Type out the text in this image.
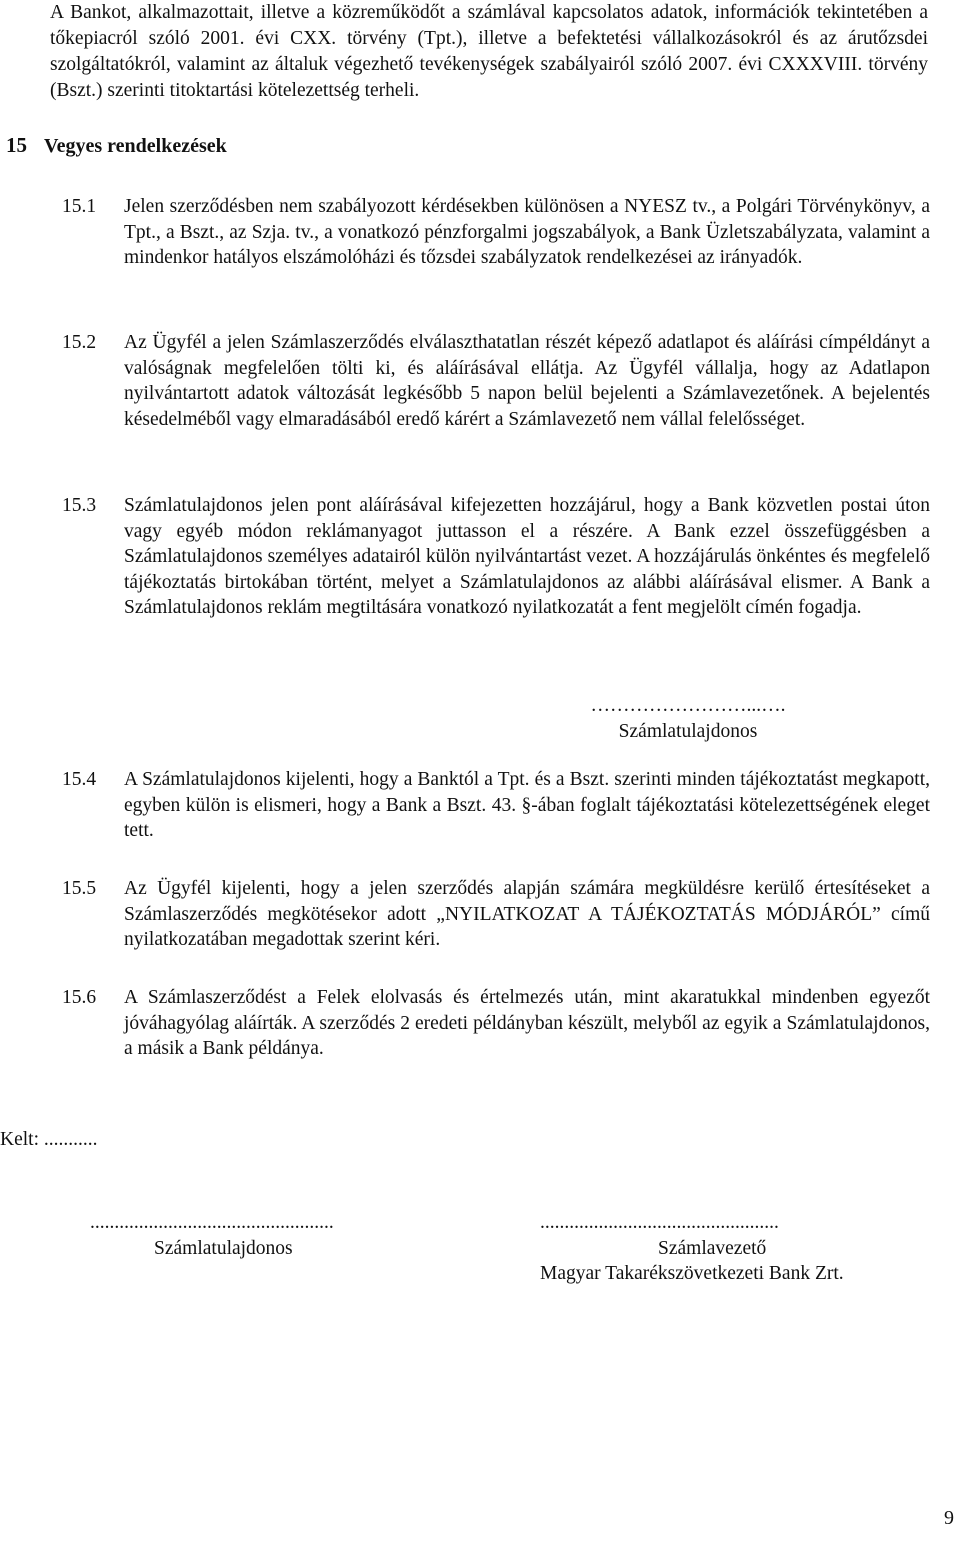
A Bankot, alkalmazottait, illetve a közreműködőt a számlával kapcsolatos adatok, információk tekintetében a tőkepiacról szóló 2001. évi CXX. törvény (Tpt.), illetve a befektetési vállalkozásokról és az árutőzsdei szolgáltatókról, valamint az általuk végezhető tevékenységek szabályairól szóló 2007. évi CXXXVIII. törvény (Bszt.) szerinti titoktartási kötelezettség terheli.
15 Vegyes rendelkezések
15.1 Jelen szerződésben nem szabályozott kérdésekben különösen a NYESZ tv., a Polgári Törvénykönyv, a Tpt., a Bszt., az Szja. tv., a vonatkozó pénzforgalmi jogszabályok, a Bank Üzletszabályzata, valamint a mindenkor hatályos elszámolóházi és tőzsdei szabályzatok rendelkezései az irányadók.
15.2 Az Ügyfél a jelen Számlaszerződés elválaszthatatlan részét képező adatlapot és aláírási címpéldányt a valóságnak megfelelően tölti ki, és aláírásával ellátja. Az Ügyfél vállalja, hogy az Adatlapon nyilvántartott adatok változását legkésőbb 5 napon belül bejelenti a Számlavezetőnek. A bejelentés késedelméből vagy elmaradásából eredő kárért a Számlavezető nem vállal felelősséget.
15.3 Számlatulajdonos jelen pont aláírásával kifejezetten hozzájárul, hogy a Bank közvetlen postai úton vagy egyéb módon reklámanyagot juttasson el a részére. A Bank ezzel összefüggésben a Számlatulajdonos személyes adatairól külön nyilvántartást vezet. A hozzájárulás önkéntes és megfelelő tájékoztatás birtokában történt, melyet a Számlatulajdonos az alábbi aláírásával elismer. A Bank a Számlatulajdonos reklám megtiltására vonatkozó nyilatkozatát a fent megjelölt címén fogadja.
……………………...….
Számlatulajdonos
15.4 A Számlatulajdonos kijelenti, hogy a Banktól a Tpt. és a Bszt. szerinti minden tájékoztatást megkapott, egyben külön is elismeri, hogy a Bank a Bszt. 43. §-ában foglalt tájékoztatási kötelezettségének eleget tett.
15.5 Az Ügyfél kijelenti, hogy a jelen szerződés alapján számára megküldésre kerülő értesítéseket a Számlaszerződés megkötésekor adott „NYILATKOZAT A TÁJÉKOZTATÁS MÓDJÁRÓL” című nyilatkozatában megadottak szerint kéri.
15.6 A Számlaszerződést a Felek elolvasás és értelmezés után, mint akaratukkal mindenben egyezőt jóváhagyólag aláírták. A szerződés 2 eredeti példányban készült, melyből az egyik a Számlatulajdonos, a másik a Bank példánya.
Kelt: ...........
..................................................
Számlatulajdonos
.................................................
Számlavezető
Magyar Takarékszövetkezeti Bank Zrt.
9
